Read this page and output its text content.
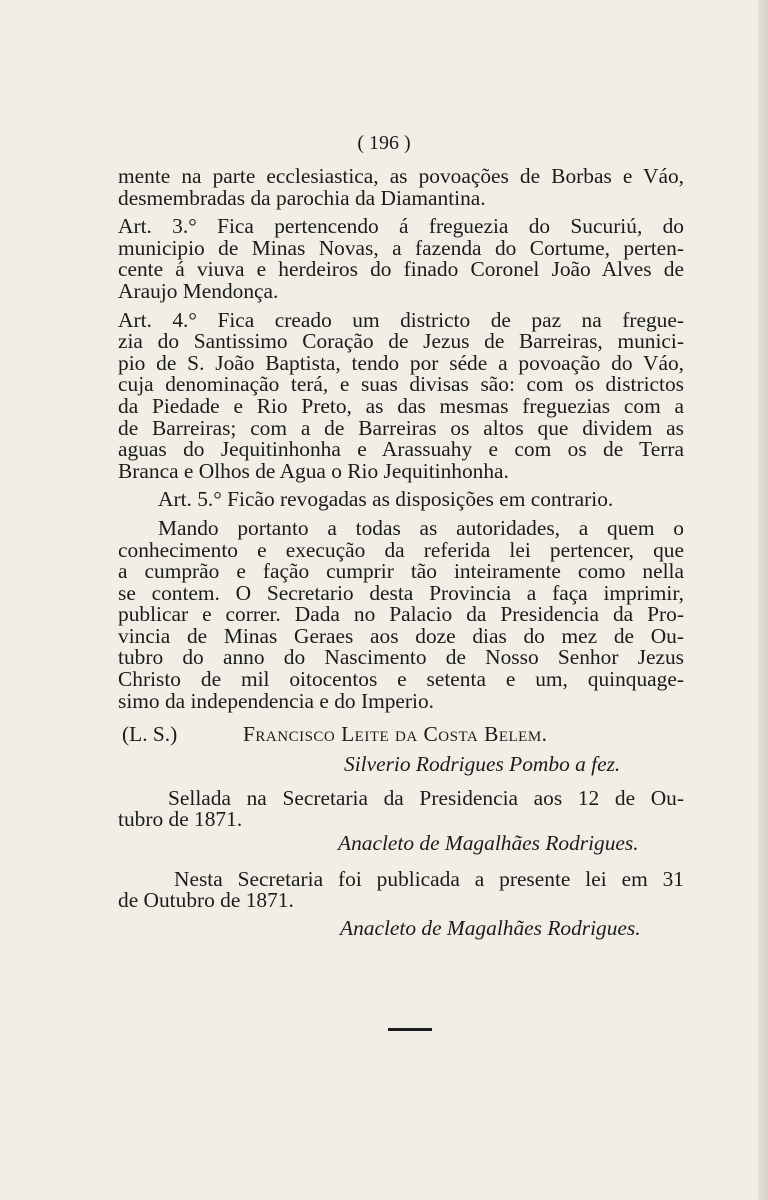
( 196 )
mente na parte ecclesiastica, as povoações de Borbas e Váo,
desmembradas da parochia da Diamantina.
Art. 3.° Fica pertencendo á freguezia do Sucuriú, do
municipio de Minas Novas, a fazenda do Cortume, perten-
cente á viuva e herdeiros do finado Coronel João Alves de
Araujo Mendonça.
Art. 4.° Fica creado um districto de paz na fregue-
zia do Santissimo Coração de Jezus de Barreiras, munici-
pio de S. João Baptista, tendo por séde a povoação do Váo,
cuja denominação terá, e suas divisas são: com os districtos
da Piedade e Rio Preto, as das mesmas freguezias com a
de Barreiras; com a de Barreiras os altos que dividem as
aguas do Jequitinhonha e Arassuahy e com os de Terra
Branca e Olhos de Agua o Rio Jequitinhonha.
Art. 5.° Ficão revogadas as disposições em contrario.
Mando portanto a todas as autoridades, a quem o
conhecimento e execução da referida lei pertencer, que
a cumprão e fação cumprir tão inteiramente como nella
se contem. O Secretario desta Provincia a faça imprimir,
publicar e correr. Dada no Palacio da Presidencia da Pro-
vincia de Minas Geraes aos doze dias do mez de Ou-
tubro do anno do Nascimento de Nosso Senhor Jezus
Christo de mil oitocentos e setenta e um, quinquage-
simo da independencia e do Imperio.
(L. S.)	Francisco Leite da Costa Belem.
Silverio Rodrigues Pombo a fez.
Sellada na Secretaria da Presidencia aos 12 de Ou-
tubro de 1871.
Anacleto de Magalhães Rodrigues.
Nesta Secretaria foi publicada a presente lei em 31
de Outubro de 1871.
Anacleto de Magalhães Rodrigues.
